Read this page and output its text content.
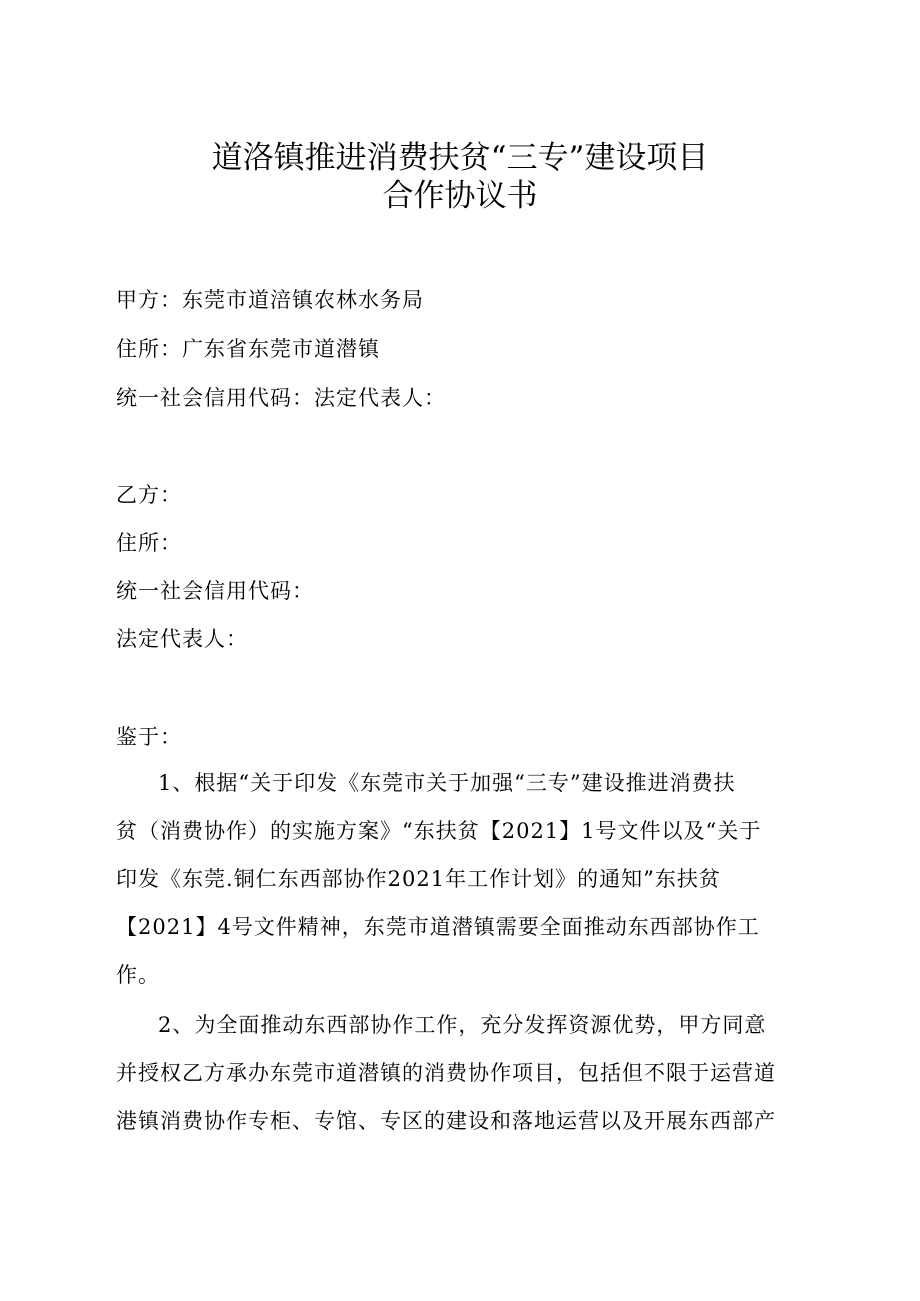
道洛镇推进消费扶贫“三专”建设项目
合作协议书
甲方：东莞市道涪镇农林水务局
住所：广东省东莞市道潜镇
统一社会信用代码：法定代表人：
乙方：
住所：
统一社会信用代码：
法定代表人：
鉴于：
1、根据“关于印发《东莞市关于加强“三专”建设推进消费扶
贫（消费协作）的实施方案》“东扶贫【2021】1号文件以及“关于
印发《东莞.铜仁东西部协作2021年工作计划》的通知”东扶贫
【2021】4号文件精神，东莞市道潜镇需要全面推动东西部协作工
作。
2、为全面推动东西部协作工作，充分发挥资源优势，甲方同意
并授权乙方承办东莞市道潜镇的消费协作项目，包括但不限于运营道
港镇消费协作专柜、专馆、专区的建设和落地运营以及开展东西部产
